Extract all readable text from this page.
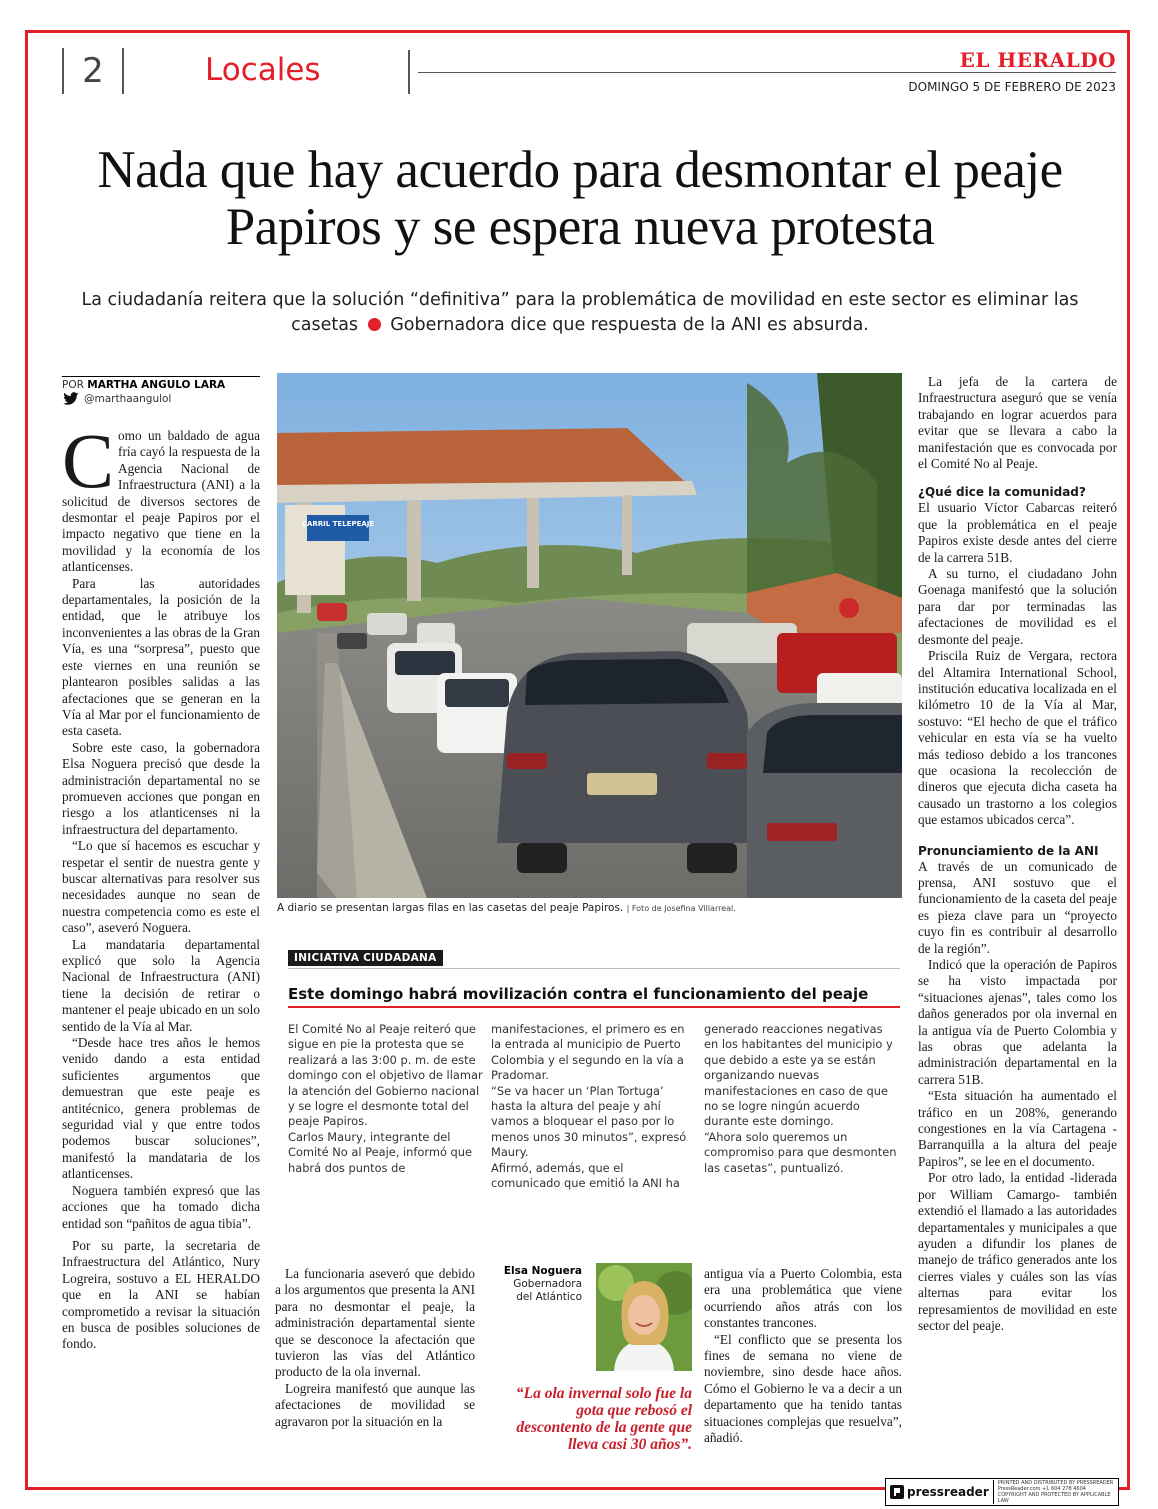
2	Locales	EL HERALDO
DOMINGO 5 DE FEBRERO DE 2023
Nada que hay acuerdo para desmontar el peaje Papiros y se espera nueva protesta
La ciudadanía reitera que la solución “definitiva” para la problemática de movilidad en este sector es eliminar las casetas Gobernadora dice que respuesta de la ANI es absurda.
POR MARTHA ANGULO LARA
@marthaangulol

Como un baldado de agua fría cayó la respuesta de la Agencia Nacional de Infraestructura (ANI) a la solicitud de diversos sectores de desmontar el peaje Papiros por el impacto negativo que tiene en la movilidad y la economía de los atlanticenses.

Para las autoridades departamentales, la posición de la entidad, que le atribuye los inconvenientes a las obras de la Gran Vía, es una “sorpresa”, puesto que este viernes en una reunión se plantearon posibles salidas a las afectaciones que se generan en la Vía al Mar por el funcionamiento de esta caseta.

Sobre este caso, la gobernadora Elsa Noguera precisó que desde la administración departamental no se promueven acciones que pongan en riesgo a los atlanticenses ni la infraestructura del departamento.

“Lo que sí hacemos es escuchar y respetar el sentir de nuestra gente y buscar alternativas para resolver sus necesidades aunque no sean de nuestra competencia como es este el caso”, aseveró Noguera.

La mandataria departamental explicó que solo la Agencia Nacional de Infraestructura (ANI) tiene la decisión de retirar o mantener el peaje ubicado en un solo sentido de la Vía al Mar.

“Desde hace tres años le hemos venido dando a esta entidad suficientes argumentos que demuestran que este peaje es antitécnico, genera problemas de seguridad vial y que entre todos podemos buscar soluciones”, manifestó la mandataria de los atlanticenses.

Noguera también expresó que las acciones que ha tomado dicha entidad son “pañitos de agua tibia”.

Por su parte, la secretaria de Infraestructura del Atlántico, Nury Logreira, sostuvo a EL HERALDO que en la ANI se habían comprometido a revisar la situación en busca de posibles soluciones de fondo.

CARRIL TELEPEAJE
A diario se presentan largas filas en las casetas del peaje Papiros. | Foto de Josefina Villarreal.
INICIATIVA CIUDADANA
Este domingo habrá movilización contra el funcionamiento del peaje

El Comité No al Peaje reiteró que sigue en pie la protesta que se realizará a las 3:00 p. m. de este domingo con el objetivo de llamar la atención del Gobierno nacional y se logre el desmonte total del peaje Papiros.

Carlos Maury, integrante del Comité No al Peaje, informó que habrá dos puntos de

manifestaciones, el primero es en la entrada al municipio de Puerto Colombia y el segundo en la vía a Pradomar.

“Se va hacer un ‘Plan Tortuga’ hasta la altura del peaje y ahí vamos a bloquear el paso por lo menos unos 30 minutos”, expresó Maury.

Afirmó, además, que el comunicado que emitió la ANI ha

generado reacciones negativas en los habitantes del municipio y que debido a este ya se están organizando nuevas manifestaciones en caso de que no se logre ningún acuerdo durante este domingo.

“Ahora solo queremos un compromiso para que desmonten las casetas”, puntualizó.

La funcionaria aseveró que debido a los argumentos que presenta la ANI para no desmontar el peaje, la administración departamental siente que se desconoce la afectación que tuvieron las vías del Atlántico producto de la ola invernal.

Logreira manifestó que aunque las afectaciones de movilidad se agravaron por la situación en la

Elsa Noguera
Gobernadora
del Atlántico
“La ola invernal solo fue la gota que rebosó el descontento de la gente que lleva casi 30 años”.

antigua vía a Puerto Colombia, esta era una problemática que viene ocurriendo años atrás con los constantes trancones.

“El conflicto que se presenta los fines de semana no viene de noviembre, sino desde hace años. Cómo el Gobierno le va a decir a un departamento que ha tenido tantas situaciones complejas que resuelva”, añadió.

La jefa de la cartera de Infraestructura aseguró que se venía trabajando en lograr acuerdos para evitar que se llevara a cabo la manifestación que es convocada por el Comité No al Peaje.

¿Qué dice la comunidad?

El usuario Víctor Cabarcas reiteró que la problemática en el peaje Papiros existe desde antes del cierre de la carrera 51B.

A su turno, el ciudadano John Goenaga manifestó que la solución para dar por terminadas las afectaciones de movilidad es el desmonte del peaje.

Priscila Ruiz de Vergara, rectora del Altamira International School, institución educativa localizada en el kilómetro 10 de la Vía al Mar, sostuvo: “El hecho de que el tráfico vehicular en esta vía se ha vuelto más tedioso debido a los trancones que ocasiona la recolección de dineros que ejecuta dicha caseta ha causado un trastorno a los colegios que estamos ubicados cerca”.

Pronunciamiento de la ANI

A través de un comunicado de prensa, ANI sostuvo que el funcionamiento de la caseta del peaje es pieza clave para un “proyecto cuyo fin es contribuir al desarrollo de la región”.

Indicó que la operación de Papiros se ha visto impactada por “situaciones ajenas”, tales como los daños generados por ola invernal en la antigua vía de Puerto Colombia y las obras que adelanta la administración departamental en la carrera 51B.

“Esta situación ha aumentado el tráfico en un 208%, generando congestiones en la vía Cartagena - Barranquilla a la altura del peaje Papiros”, se lee en el documento.

Por otro lado, la entidad -liderada por William Camargo- también extendió el llamado a las autoridades departamentales y municipales a que ayuden a difundir los planes de manejo de tráfico generados ante los cierres viales y cuáles son las vías alternas para evitar los represamientos de movilidad en este sector del peaje.

pressreader
PRINTED AND DISTRIBUTED BY PRESSREADER
PressReader.com +1 604 278 4604
COPYRIGHT AND PROTECTED BY APPLICABLE LAW
